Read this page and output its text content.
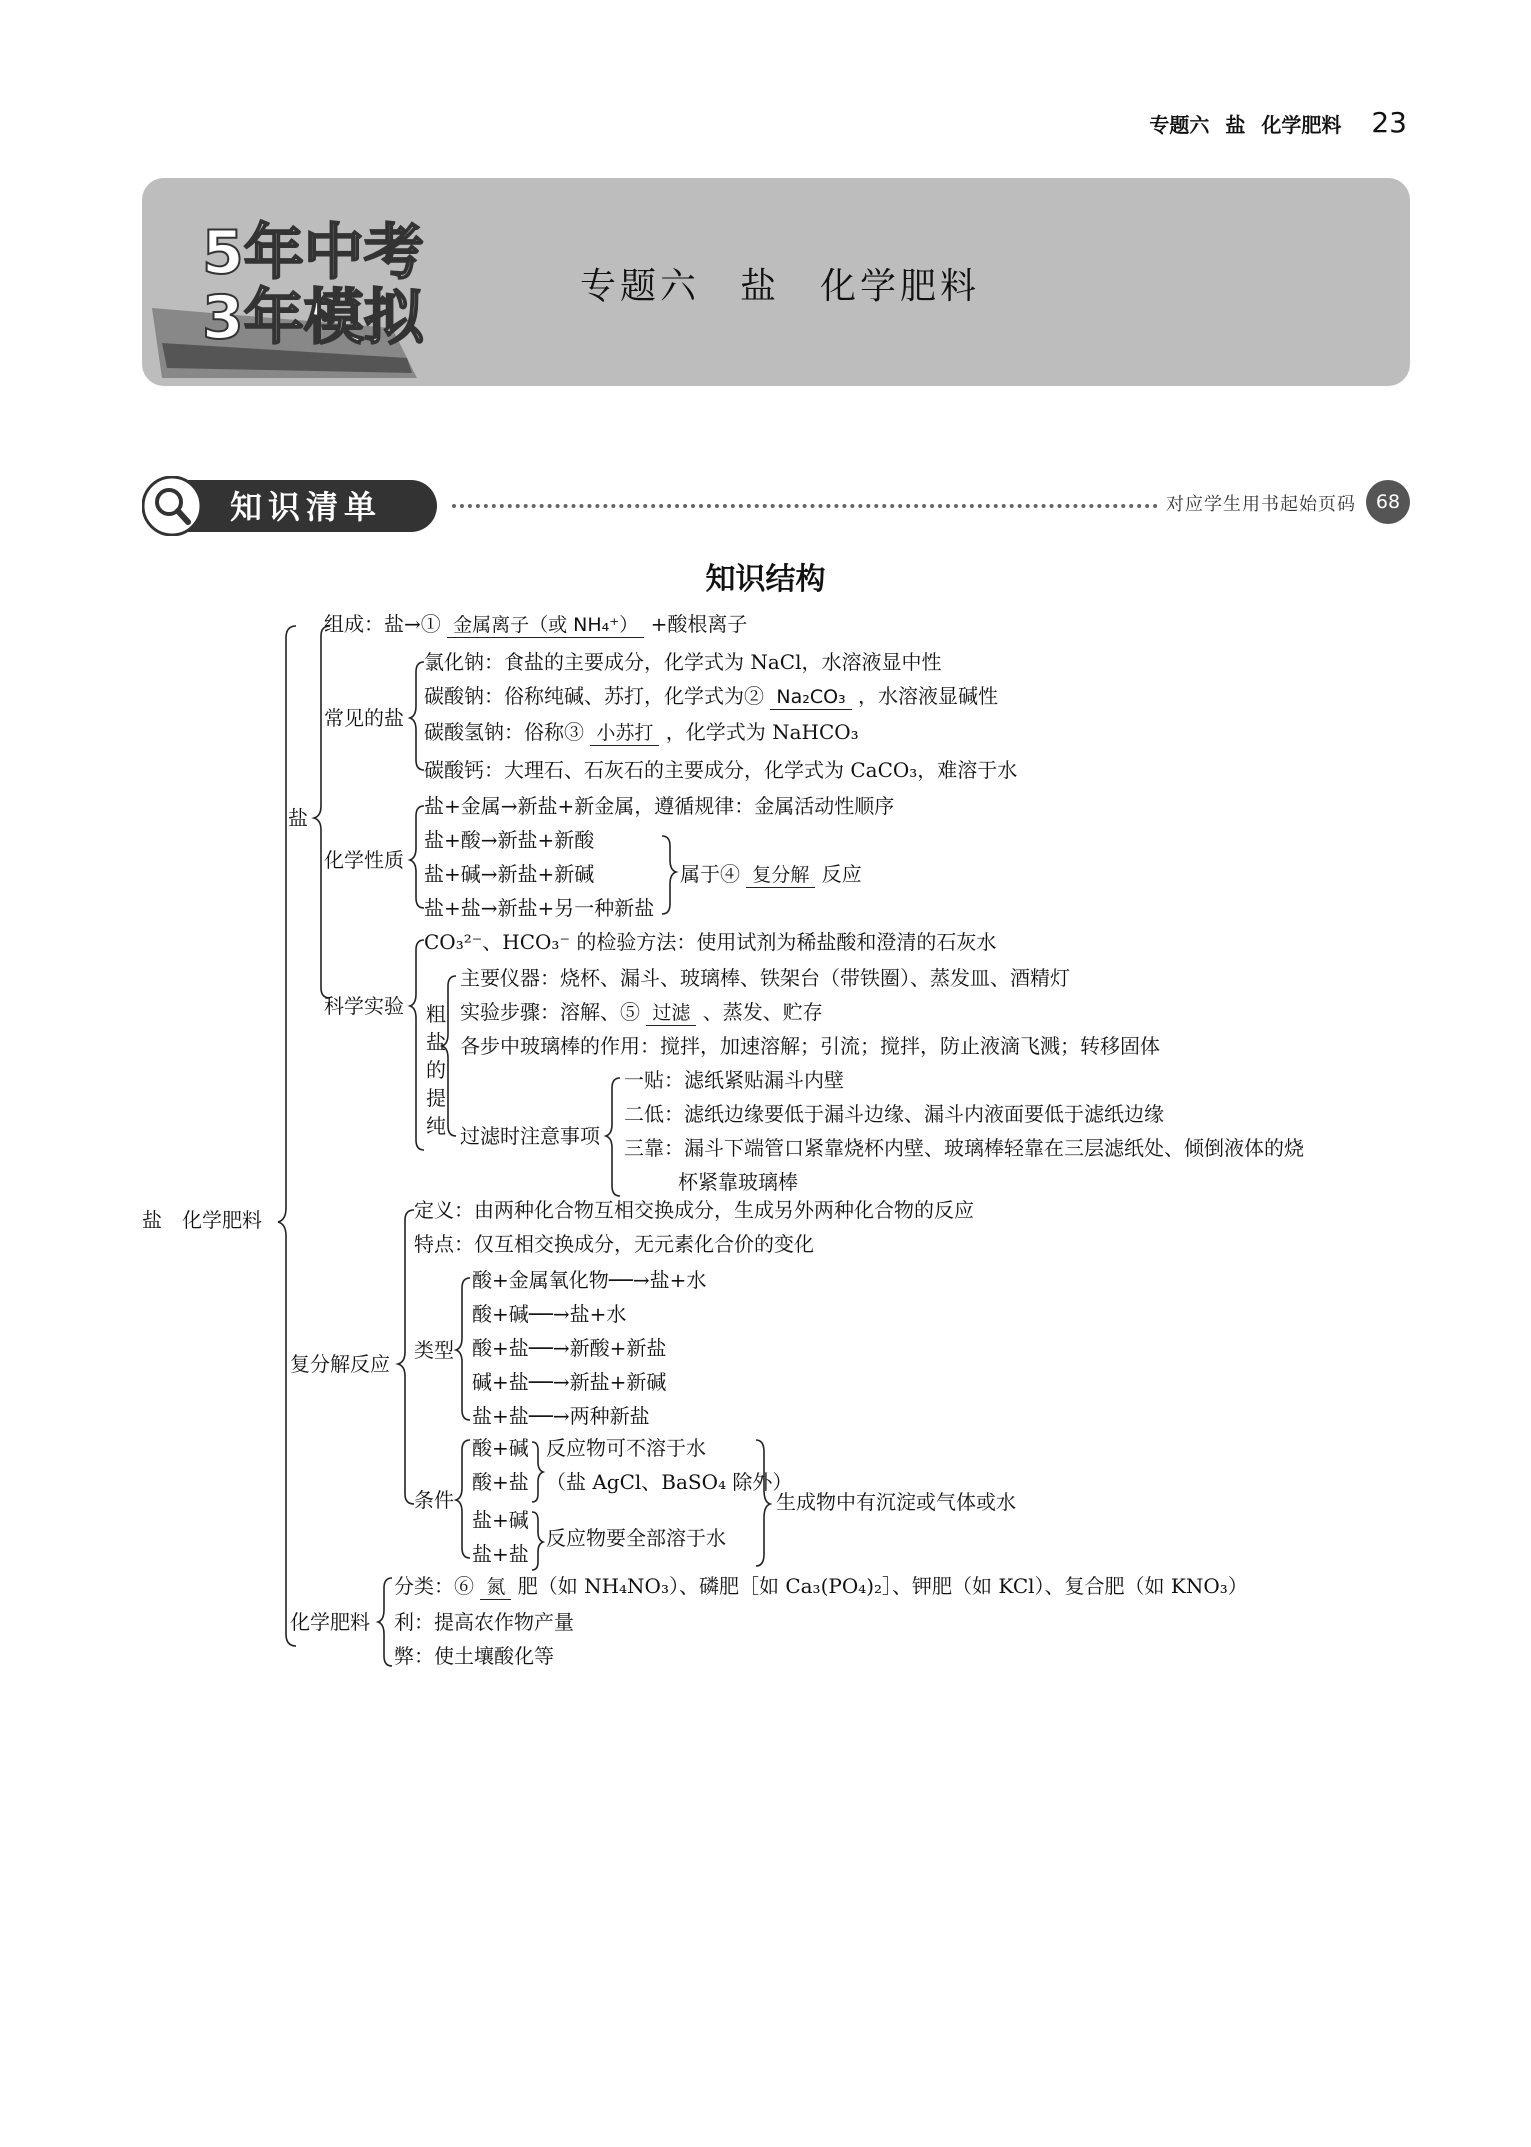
专题六 盐 化学肥料 23
5年中考
3年模拟	专题六　盐　化学肥料
知识清单	对应学生用书起始页码	68
知识结构
盐　化学肥料
盐
组成：盐→① 金属离子（或 NH₄⁺） +酸根离子
常见的盐
氯化钠：食盐的主要成分，化学式为 NaCl，水溶液显中性
碳酸钠：俗称纯碱、苏打，化学式为② Na₂CO₃ ，水溶液显碱性
碳酸氢钠：俗称③ 小苏打 ，化学式为 NaHCO₃
碳酸钙：大理石、石灰石的主要成分，化学式为 CaCO₃，难溶于水
化学性质
盐+金属→新盐+新金属，遵循规律：金属活动性顺序
盐+酸→新盐+新酸
盐+碱→新盐+新碱
盐+盐→新盐+另一种新盐
属于④ 复分解 反应
科学实验
CO₃²⁻、HCO₃⁻ 的检验方法：使用试剂为稀盐酸和澄清的石灰水
粗
盐
的
提
纯
主要仪器：烧杯、漏斗、玻璃棒、铁架台（带铁圈）、蒸发皿、酒精灯
实验步骤：溶解、⑤ 过滤 、蒸发、贮存
各步中玻璃棒的作用：搅拌，加速溶解；引流；搅拌，防止液滴飞溅；转移固体
过滤时注意事项
一贴：滤纸紧贴漏斗内壁
二低：滤纸边缘要低于漏斗边缘、漏斗内液面要低于滤纸边缘
三靠：漏斗下端管口紧靠烧杯内壁、玻璃棒轻靠在三层滤纸处、倾倒液体的烧
杯紧靠玻璃棒
复分解反应
定义：由两种化合物互相交换成分，生成另外两种化合物的反应
特点：仅互相交换成分，无元素化合价的变化
类型
酸+金属氧化物──→盐+水
酸+碱──→盐+水
酸+盐──→新酸+新盐
碱+盐──→新盐+新碱
盐+盐──→两种新盐
条件
酸+碱
酸+盐
反应物可不溶于水
（盐 AgCl、BaSO₄ 除外）
盐+碱
盐+盐
反应物要全部溶于水
生成物中有沉淀或气体或水
化学肥料
分类：⑥ 氮 肥（如 NH₄NO₃）、磷肥［如 Ca₃(PO₄)₂］、钾肥（如 KCl）、复合肥（如 KNO₃）
利：提高农作物产量
弊：使土壤酸化等
